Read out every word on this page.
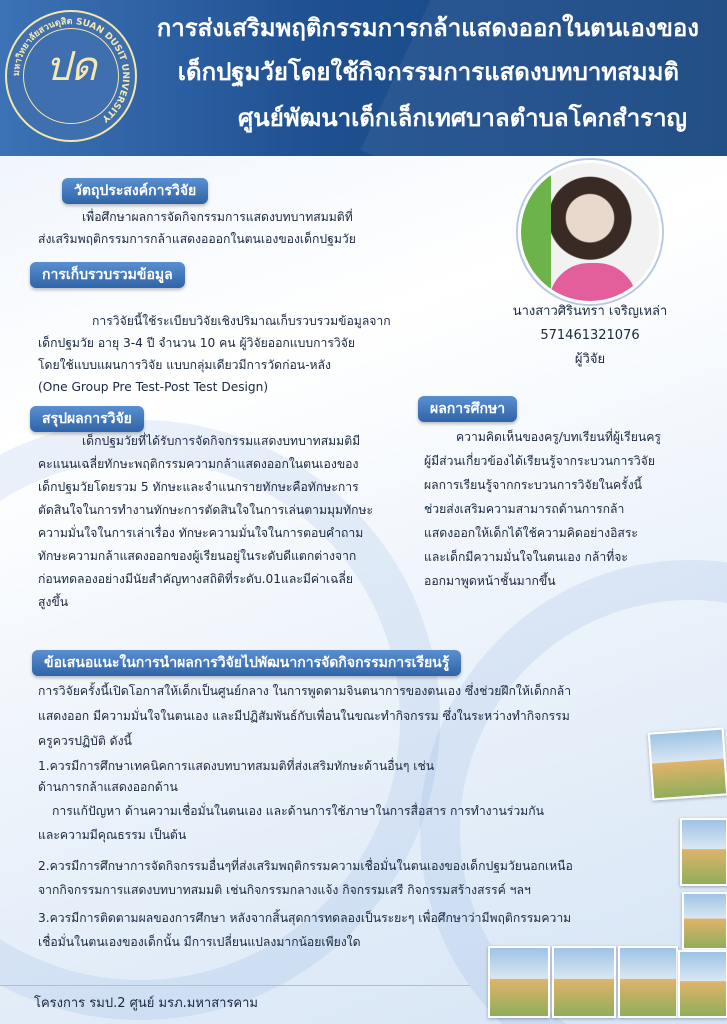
การส่งเสริมพฤติกรรมการกล้าแสดงออกในตนเองของ
เด็กปฐมวัยโดยใช้กิจกรรมการแสดงบทบาทสมมติ
ศูนย์พัฒนาเด็กเล็กเทศบาลตำบลโคกสำราญ
มหาวิทยาลัยสวนดุสิต SUAN DUSIT UNIVERSITY
ปด
นางสาวศิรินทรา เจริญเหล่า
571461321076
ผู้วิจัย
วัตถุประสงค์การวิจัย
เพื่อศึกษาผลการจัดกิจกรรมการแสดงบทบาทสมมติที่
ส่งเสริมพฤติกรรมการกล้าแสดงอออกในตนเองของเด็กปฐมวัย
การเก็บรวบรวมข้อมูล
การวิจัยนี้ใช้ระเบียบวิจัยเชิงปริมาณเก็บรวบรวมข้อมูลจาก
เด็กปฐมวัย อายุ 3-4 ปี จำนวน 10 คน ผู้วิจัยออกแบบการวิจัย
โดยใช้แบบแผนการวิจัย แบบกลุ่มเดียวมีการวัดก่อน-หลัง
(One Group Pre Test-Post Test Design)
สรุปผลการวิจัย
เด็กปฐมวัยที่ได้รับการจัดกิจกรรมแสดงบทบาทสมมติมี
คะแนนเฉลี่ยทักษะพฤติกรรมความกล้าแสดงออกในตนเองของ
เด็กปฐมวัยโดยรวม 5 ทักษะและจำแนกรายทักษะคือทักษะการ
ตัดสินใจในการทำงานทักษะการตัดสินใจในการเล่นตามมุมทักษะ
ความมั่นใจในการเล่าเรื่อง ทักษะความมั่นใจในการตอบคำถาม
ทักษะความกล้าแสดงออกของผู้เรียนอยู่ในระดับดีแตกต่างจาก
ก่อนทดลองอย่างมีนัยสำคัญทางสถิติที่ระดับ.01และมีค่าเฉลี่ย
สูงขึ้น
ผลการศึกษา
ความคิดเห็นของครู/บทเรียนที่ผู้เรียนครู
ผู้มีส่วนเกี่ยวข้องได้เรียนรู้จากระบวนการวิจัย
ผลการเรียนรู้จากกระบวนการวิจัยในครั้งนี้
ช่วยส่งเสริมความสามารถด้านการกล้า
แสดงออกให้เด็กได้ใช้ความคิดอย่างอิสระ
และเด็กมีความมั่นใจในตนเอง กล้าที่จะ
ออกมาพูดหน้าชั้นมากขึ้น
ข้อเสนอแนะในการนำผลการวิจัยไปพัฒนาการจัดกิจกรรมการเรียนรู้
การวิจัยครั้งนี้เปิดโอกาสให้เด็กเป็นศูนย์กลาง ในการพูดตามจินตนาการของตนเอง ซึ่งช่วยฝึกให้เด็กกล้า
แสดงออก มีความมั่นใจในตนเอง และมีปฏิสัมพันธ์กับเพื่อนในขณะทำกิจกรรม ซึ่งในระหว่างทำกิจกรรม
ครูควรปฏิบัติ ดังนี้
1.ควรมีการศึกษาเทคนิคการแสดงบทบาทสมมติที่ส่งเสริมทักษะด้านอื่นๆ เช่น
ด้านการกล้าแสดงออกด้าน
การแก้ปัญหา ด้านความเชื่อมั่นในตนเอง และด้านการใช้ภาษาในการสื่อสาร การทำงานร่วมกัน
และความมีคุณธรรม เป็นต้น
2.ควรมีการศึกษาการจัดกิจกรรมอื่นๆที่ส่งเสริมพฤติกรรมความเชื่อมั่นในตนเองของเด็กปฐมวัยนอกเหนือ
จากกิจกรรมการแสดงบทบาทสมมติ เช่นกิจกรรมกลางแจ้ง กิจกรรมเสรี กิจกรรมสร้างสรรค์ ฯลฯ
3.ควรมีการติดตามผลของการศึกษา หลังจากสิ้นสุดการทดลองเป็นระยะๆ เพื่อศึกษาว่ามีพฤติกรรมความ
เชื่อมั่นในตนเองของเด็กนั้น มีการเปลี่ยนแปลงมากน้อยเพียงใด
โครงการ รมป.2 ศูนย์ มรภ.มหาสารคาม
